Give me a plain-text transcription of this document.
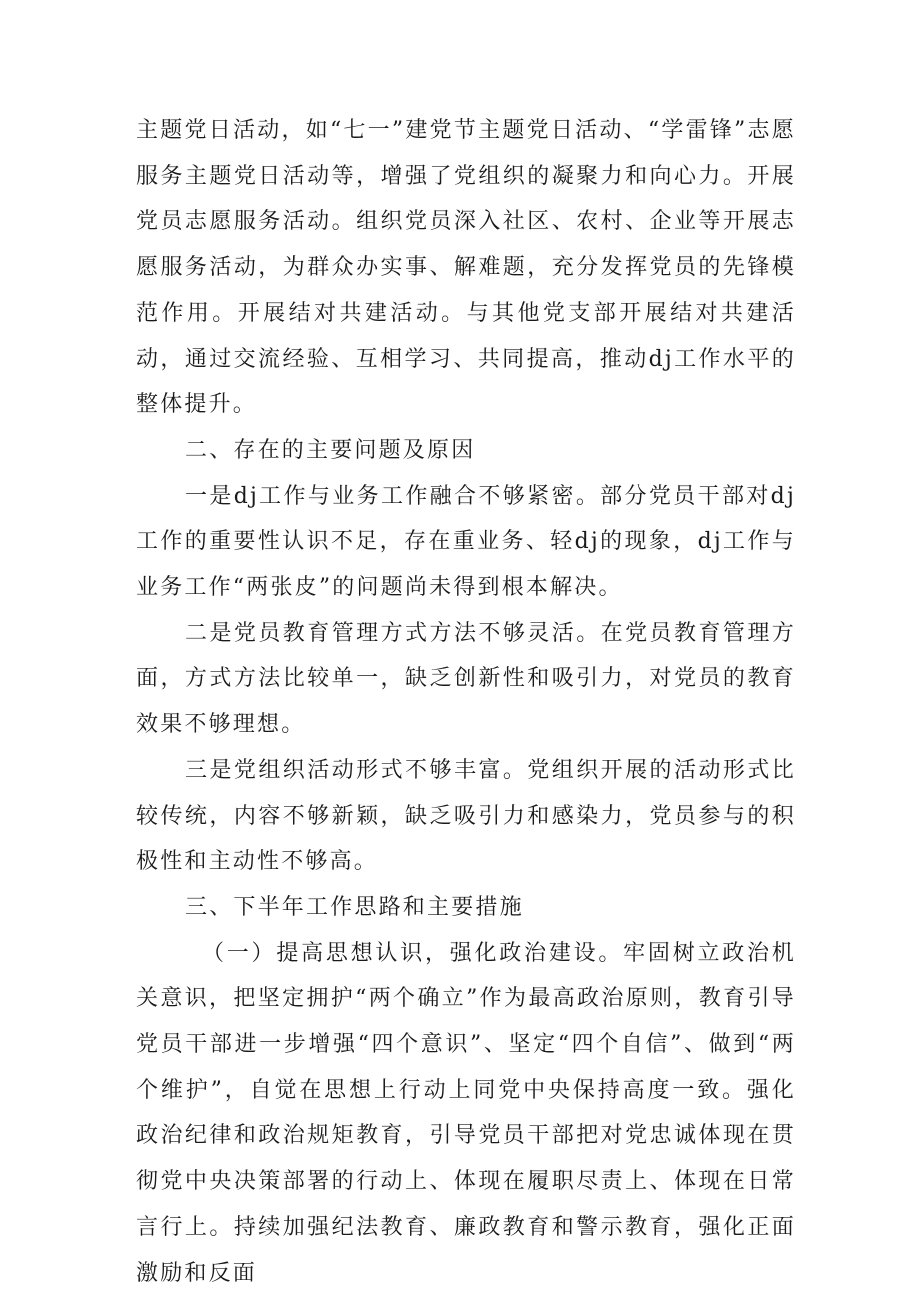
主题党日活动，如“七一”建党节主题党日活动、“学雷锋”志愿服务主题党日活动等，增强了党组织的凝聚力和向心力。开展党员志愿服务活动。组织党员深入社区、农村、企业等开展志愿服务活动，为群众办实事、解难题，充分发挥党员的先锋模范作用。开展结对共建活动。与其他党支部开展结对共建活动，通过交流经验、互相学习、共同提高，推动dj工作水平的整体提升。

二、存在的主要问题及原因

一是dj工作与业务工作融合不够紧密。部分党员干部对dj工作的重要性认识不足，存在重业务、轻dj的现象，dj工作与业务工作“两张皮”的问题尚未得到根本解决。

二是党员教育管理方式方法不够灵活。在党员教育管理方面，方式方法比较单一，缺乏创新性和吸引力，对党员的教育效果不够理想。

三是党组织活动形式不够丰富。党组织开展的活动形式比较传统，内容不够新颖，缺乏吸引力和感染力，党员参与的积极性和主动性不够高。

三、下半年工作思路和主要措施

（一）提高思想认识，强化政治建设。牢固树立政治机关意识，把坚定拥护“两个确立”作为最高政治原则，教育引导党员干部进一步增强“四个意识”、坚定“四个自信”、做到“两个维护”，自觉在思想上行动上同党中央保持高度一致。强化政治纪律和政治规矩教育，引导党员干部把对党忠诚体现在贯彻党中央决策部署的行动上、体现在履职尽责上、体现在日常言行上。持续加强纪法教育、廉政教育和警示教育，强化正面激励和反面
